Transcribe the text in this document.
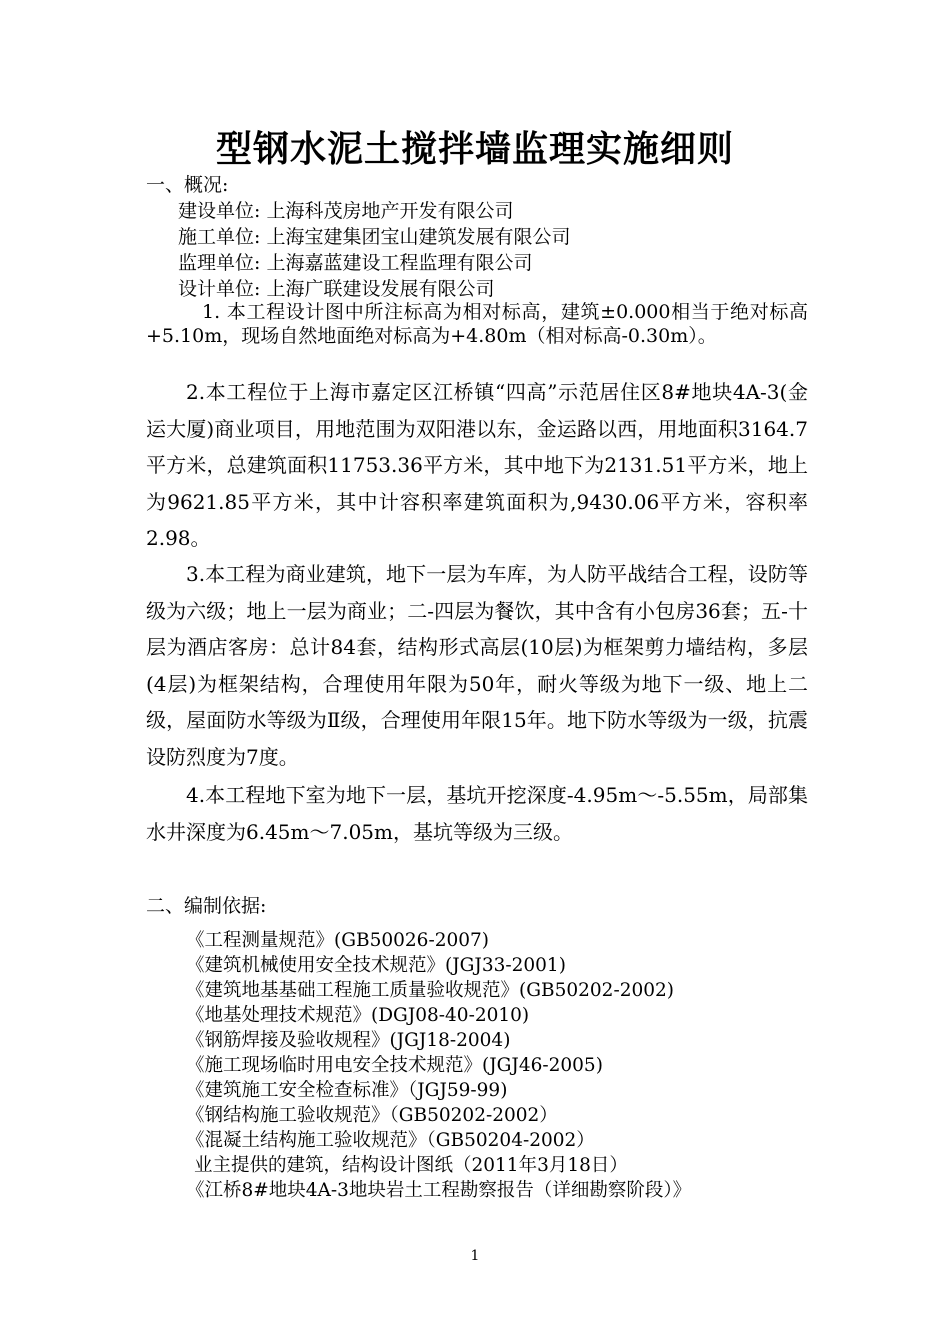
型钢水泥土搅拌墙监理实施细则
一、概况:
建设单位: 上海科茂房地产开发有限公司
施工单位: 上海宝建集团宝山建筑发展有限公司
监理单位: 上海嘉蓝建设工程监理有限公司
设计单位: 上海广联建设发展有限公司

1. 本工程设计图中所注标高为相对标高，建筑±0.000相当于绝对标高+5.10m，现场自然地面绝对标高为+4.80m（相对标高-0.30m）。

2.本工程位于上海市嘉定区江桥镇“四高”示范居住区8#地块4A-3(金运大厦)商业项目，用地范围为双阳港以东，金运路以西，用地面积3164.7平方米，总建筑面积11753.36平方米，其中地下为2131.51平方米，地上为9621.85平方米，其中计容积率建筑面积为,9430.06平方米，容积率2.98。

3.本工程为商业建筑，地下一层为车库，为人防平战结合工程，设防等级为六级；地上一层为商业；二-四层为餐饮，其中含有小包房36套；五-十层为酒店客房：总计84套，结构形式高层(10层)为框架剪力墙结构，多层(4层)为框架结构，合理使用年限为50年，耐火等级为地下一级、地上二级，屋面防水等级为Ⅱ级，合理使用年限15年。地下防水等级为一级，抗震设防烈度为7度。

4.本工程地下室为地下一层，基坑开挖深度-4.95m～-5.55m，局部集水井深度为6.45m～7.05m，基坑等级为三级。

二、编制依据:
《工程测量规范》(GB50026-2007)
《建筑机械使用安全技术规范》(JGJ33-2001)
《建筑地基基础工程施工质量验收规范》(GB50202-2002)
《地基处理技术规范》(DGJ08-40-2010)
《钢筋焊接及验收规程》(JGJ18-2004)
《施工现场临时用电安全技术规范》(JGJ46-2005)
《建筑施工安全检查标准》（JGJ59-99)
《钢结构施工验收规范》（GB50202-2002）
《混凝土结构施工验收规范》（GB50204-2002）
业主提供的建筑，结构设计图纸（2011年3月18日）
《江桥8#地块4A-3地块岩土工程勘察报告（详细勘察阶段）》
1
